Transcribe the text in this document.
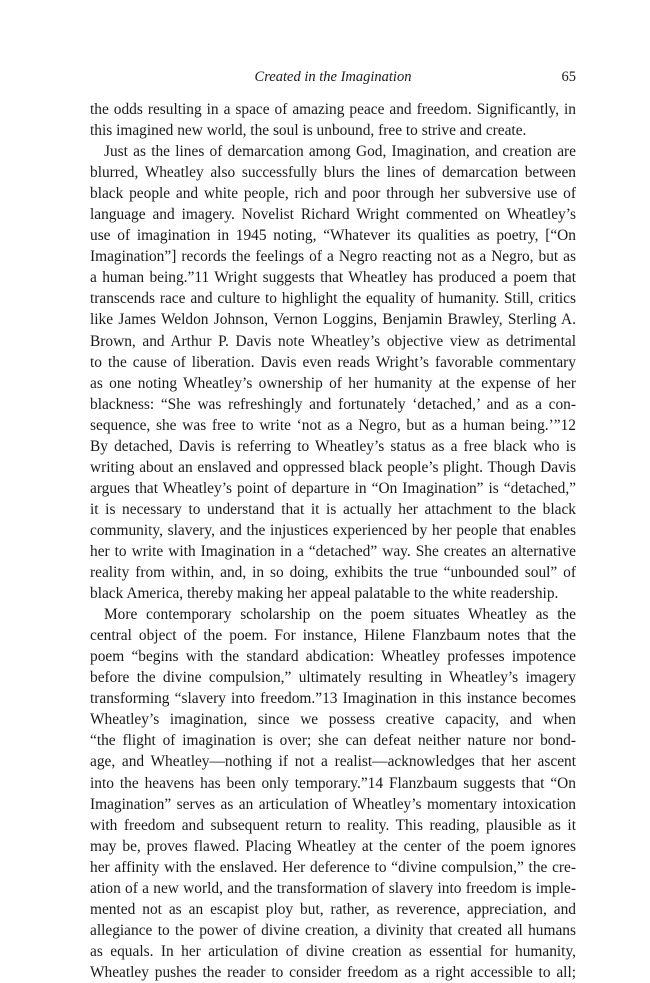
Created in the Imagination	65
the odds resulting in a space of amazing peace and freedom. Significantly, in
this imagined new world, the soul is unbound, free to strive and create.
Just as the lines of demarcation among God, Imagination, and creation are
blurred, Wheatley also successfully blurs the lines of demarcation between
black people and white people, rich and poor through her subversive use of
language and imagery. Novelist Richard Wright commented on Wheatley’s
use of imagination in 1945 noting, “Whatever its qualities as poetry, [“On
Imagination”] records the feelings of a Negro reacting not as a Negro, but as
a human being.”11 Wright suggests that Wheatley has produced a poem that
transcends race and culture to highlight the equality of humanity. Still, critics
like James Weldon Johnson, Vernon Loggins, Benjamin Brawley, Sterling A.
Brown, and Arthur P. Davis note Wheatley’s objective view as detrimental
to the cause of liberation. Davis even reads Wright’s favorable commentary
as one noting Wheatley’s ownership of her humanity at the expense of her
blackness: “She was refreshingly and fortunately ‘detached,’ and as a con-
sequence, she was free to write ‘not as a Negro, but as a human being.’”12
By detached, Davis is referring to Wheatley’s status as a free black who is
writing about an enslaved and oppressed black people’s plight. Though Davis
argues that Wheatley’s point of departure in “On Imagination” is “detached,”
it is necessary to understand that it is actually her attachment to the black
community, slavery, and the injustices experienced by her people that enables
her to write with Imagination in a “detached” way. She creates an alternative
reality from within, and, in so doing, exhibits the true “unbounded soul” of
black America, thereby making her appeal palatable to the white readership.
More contemporary scholarship on the poem situates Wheatley as the
central object of the poem. For instance, Hilene Flanzbaum notes that the
poem “begins with the standard abdication: Wheatley professes impotence
before the divine compulsion,” ultimately resulting in Wheatley’s imagery
transforming “slavery into freedom.”13 Imagination in this instance becomes
Wheatley’s imagination, since we possess creative capacity, and when
“the flight of imagination is over; she can defeat neither nature nor bond-
age, and Wheatley—nothing if not a realist—acknowledges that her ascent
into the heavens has been only temporary.”14 Flanzbaum suggests that “On
Imagination” serves as an articulation of Wheatley’s momentary intoxication
with freedom and subsequent return to reality. This reading, plausible as it
may be, proves flawed. Placing Wheatley at the center of the poem ignores
her affinity with the enslaved. Her deference to “divine compulsion,” the cre-
ation of a new world, and the transformation of slavery into freedom is imple-
mented not as an escapist ploy but, rather, as reverence, appreciation, and
allegiance to the power of divine creation, a divinity that created all humans
as equals. In her articulation of divine creation as essential for humanity,
Wheatley pushes the reader to consider freedom as a right accessible to all;
